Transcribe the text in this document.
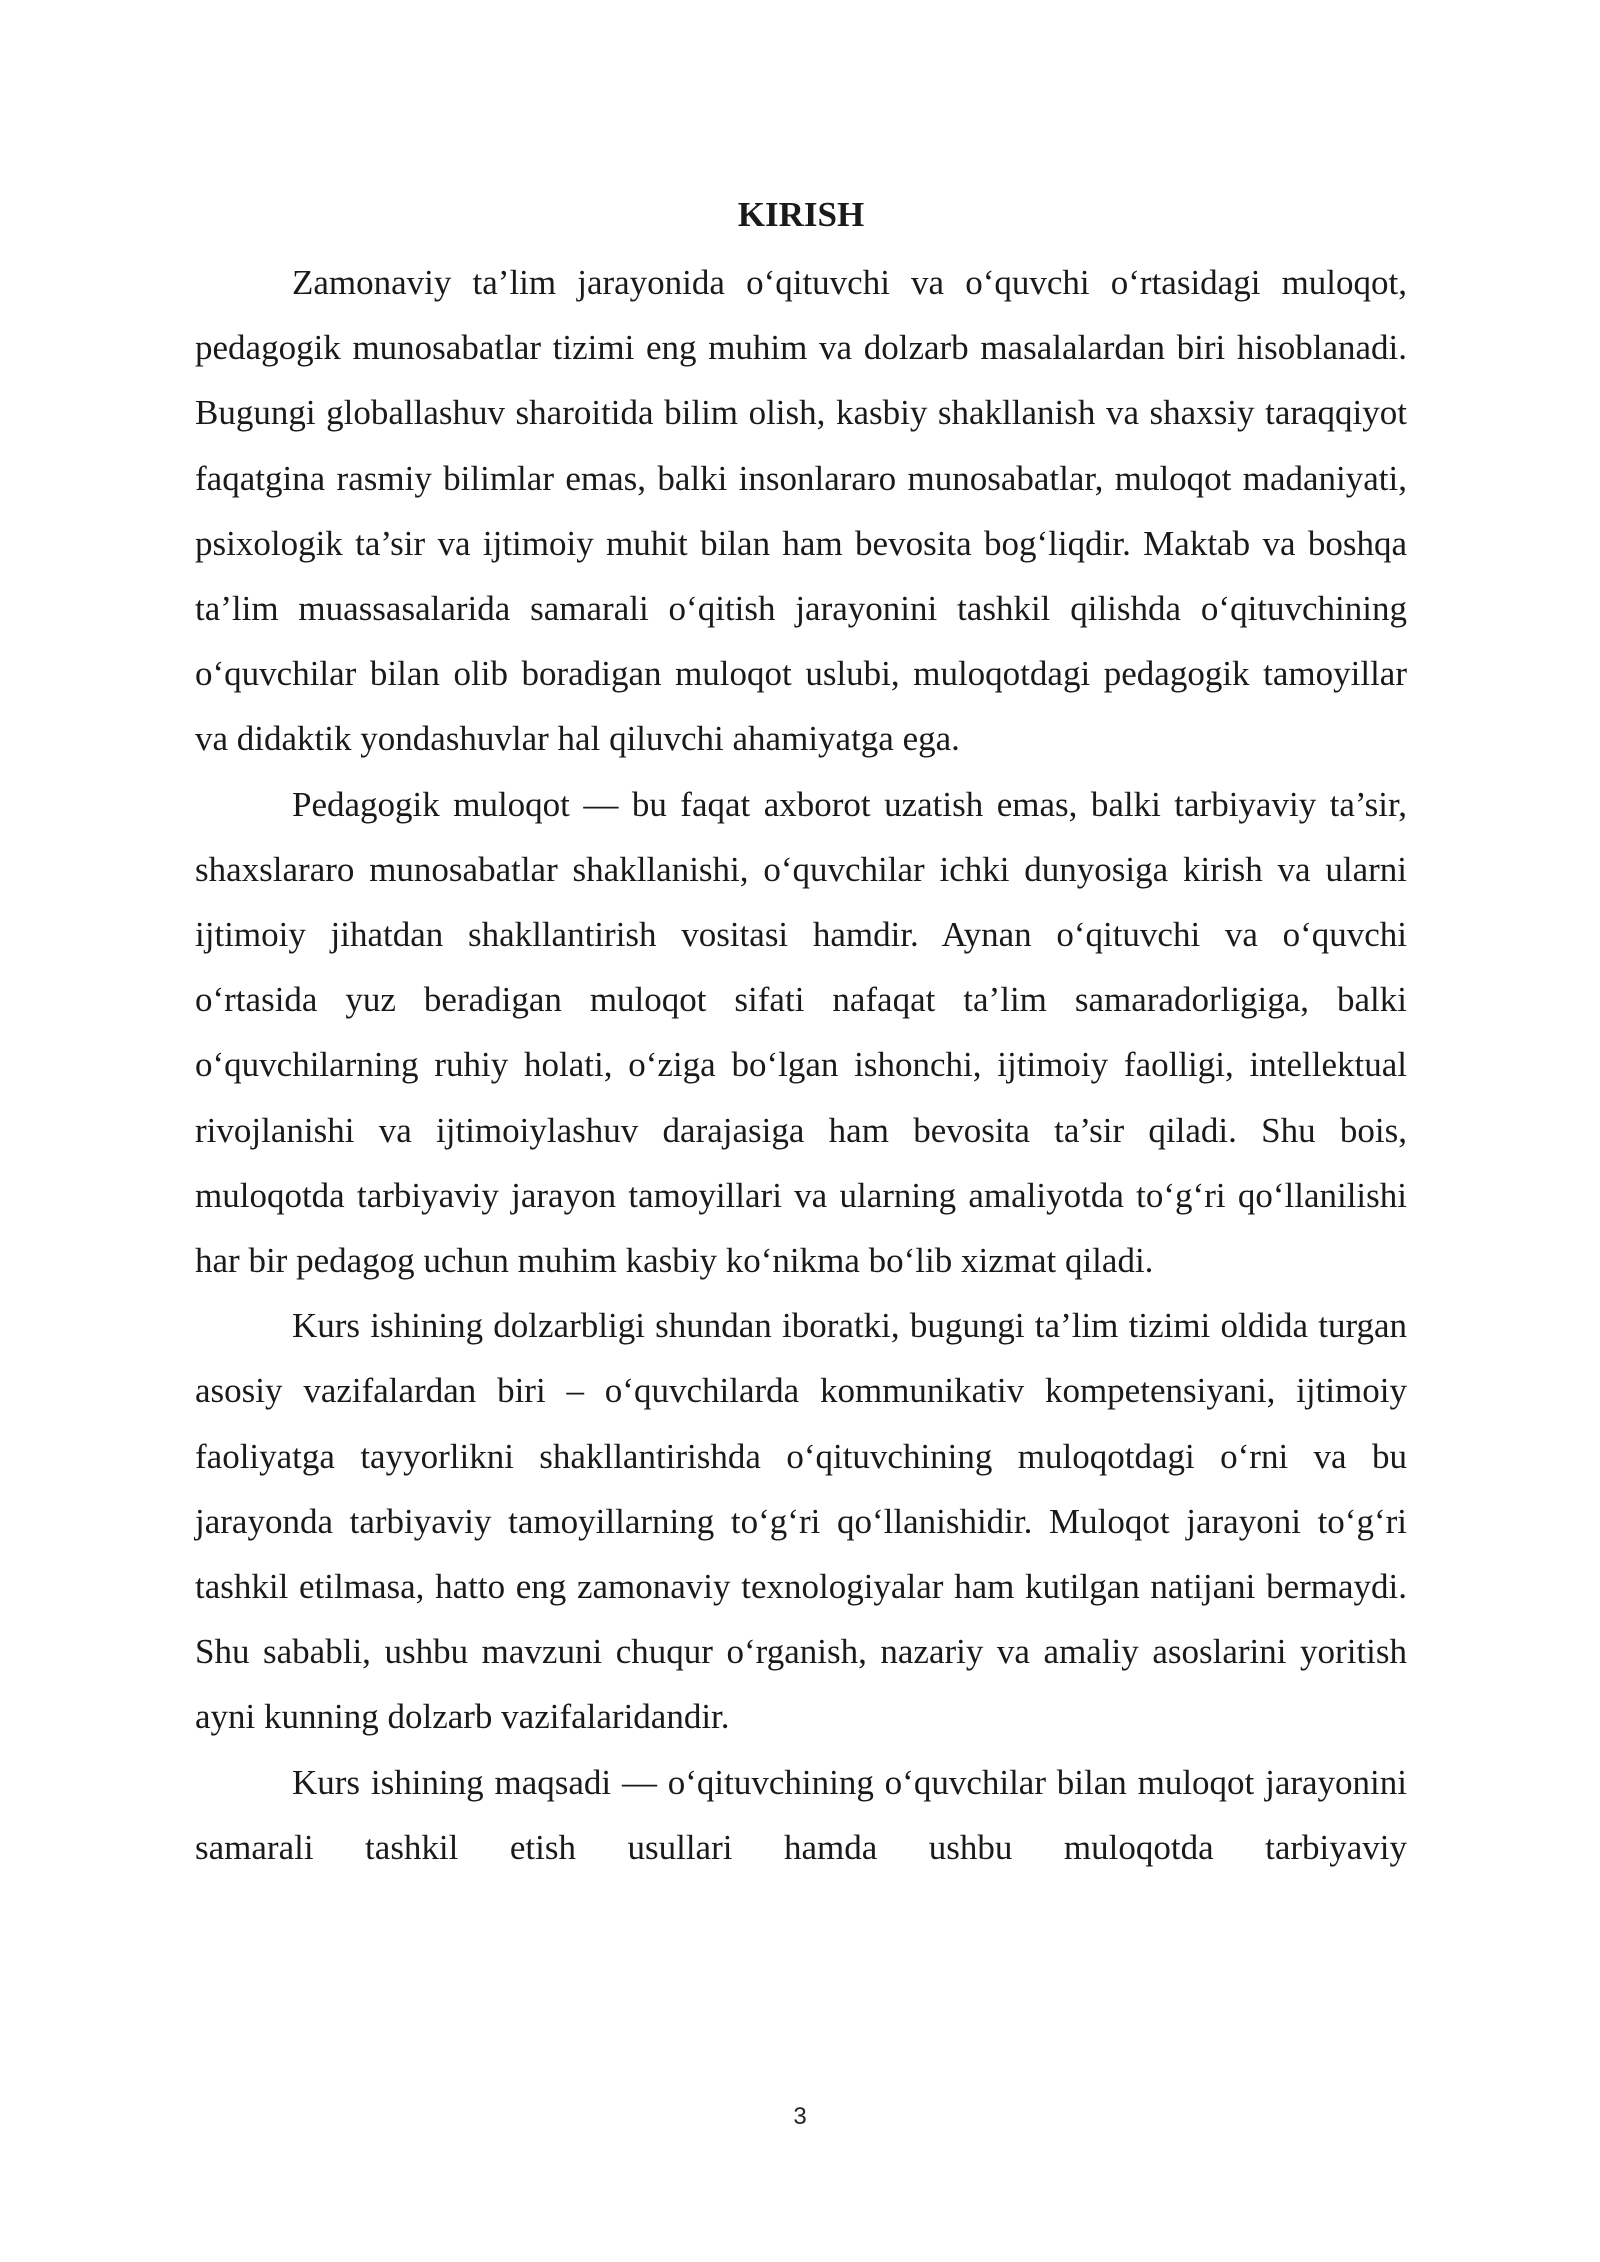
KIRISH

Zamonaviy ta’lim jarayonida o‘qituvchi va o‘quvchi o‘rtasidagi muloqot, pedagogik munosabatlar tizimi eng muhim va dolzarb masalalardan biri hisoblanadi. Bugungi globallashuv sharoitida bilim olish, kasbiy shakllanish va shaxsiy taraqqiyot faqatgina rasmiy bilimlar emas, balki insonlararo munosabatlar, muloqot madaniyati, psixologik ta’sir va ijtimoiy muhit bilan ham bevosita bog‘liqdir. Maktab va boshqa ta’lim muassasalarida samarali o‘qitish jarayonini tashkil qilishda o‘qituvchining o‘quvchilar bilan olib boradigan muloqot uslubi, muloqotdagi pedagogik tamoyillar va didaktik yondashuvlar hal qiluvchi ahamiyatga ega.

Pedagogik muloqot — bu faqat axborot uzatish emas, balki tarbiyaviy ta’sir, shaxslararo munosabatlar shakllanishi, o‘quvchilar ichki dunyosiga kirish va ularni ijtimoiy jihatdan shakllantirish vositasi hamdir. Aynan o‘qituvchi va o‘quvchi o‘rtasida yuz beradigan muloqot sifati nafaqat ta’lim samaradorligiga, balki o‘quvchilarning ruhiy holati, o‘ziga bo‘lgan ishonchi, ijtimoiy faolligi, intellektual rivojlanishi va ijtimoiylashuv darajasiga ham bevosita ta’sir qiladi. Shu bois, muloqotda tarbiyaviy jarayon tamoyillari va ularning amaliyotda to‘g‘ri qo‘llanilishi har bir pedagog uchun muhim kasbiy ko‘nikma bo‘lib xizmat qiladi.

Kurs ishining dolzarbligi shundan iboratki, bugungi ta’lim tizimi oldida turgan asosiy vazifalardan biri – o‘quvchilarda kommunikativ kompetensiyani, ijtimoiy faoliyatga tayyorlikni shakllantirishda o‘qituvchining muloqotdagi o‘rni va bu jarayonda tarbiyaviy tamoyillarning to‘g‘ri qo‘llanishidir. Muloqot jarayoni to‘g‘ri tashkil etilmasa, hatto eng zamonaviy texnologiyalar ham kutilgan natijani bermaydi. Shu sababli, ushbu mavzuni chuqur o‘rganish, nazariy va amaliy asoslarini yoritish ayni kunning dolzarb vazifalaridandir.

Kurs ishining maqsadi — o‘qituvchining o‘quvchilar bilan muloqot jarayonini samarali tashkil etish usullari hamda ushbu muloqotda tarbiyaviy

3
